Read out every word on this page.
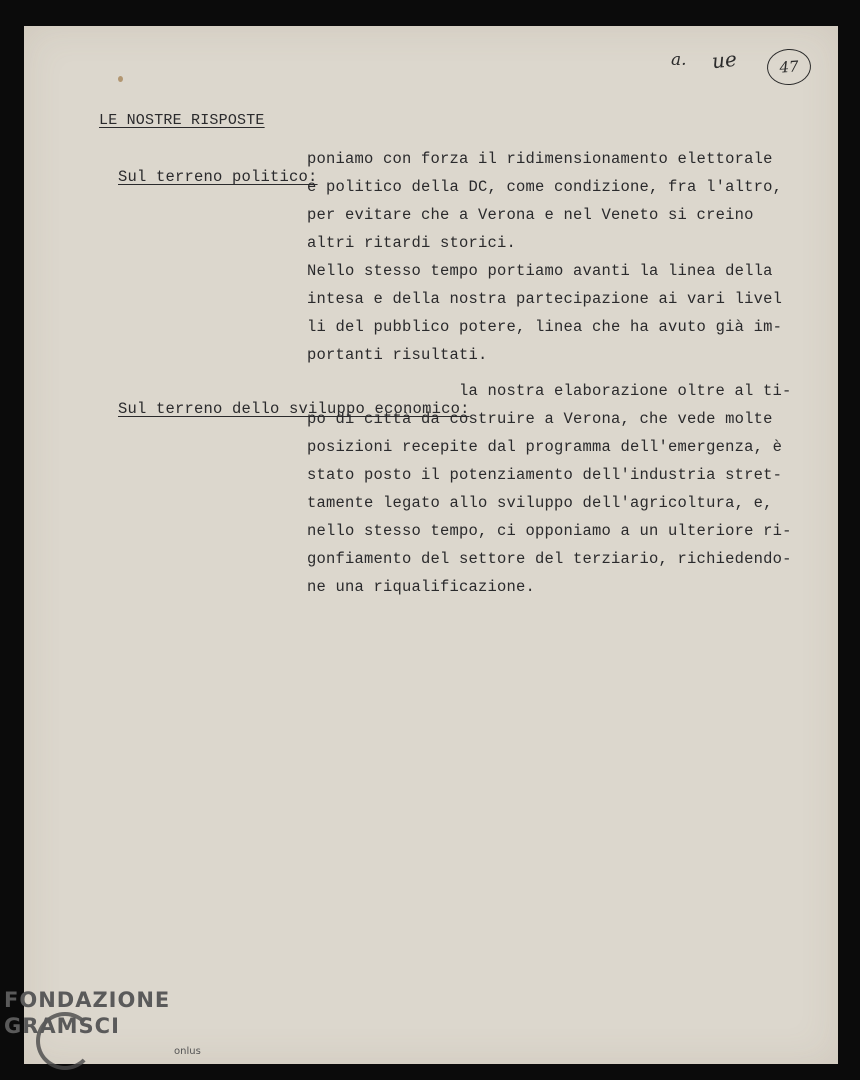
a. ue	47
LE NOSTRE RISPOSTE

Sul terreno politico:

poniamo con forza il ridimensionamento elettorale

e politico della DC, come condizione, fra l'altro,

per evitare che a Verona e nel Veneto si creino

altri ritardi storici.

Nello stesso tempo portiamo avanti la linea della

intesa e della nostra partecipazione ai vari livel

li del pubblico potere, linea che ha avuto già im-

portanti risultati.

Sul terreno dello sviluppo economico:

la nostra elaborazione oltre al ti-

po di città da costruire a Verona, che vede molte

posizioni recepite dal programma dell'emergenza, è

stato posto il potenziamento dell'industria stret-

tamente legato allo sviluppo dell'agricoltura, e,

nello stesso tempo, ci opponiamo a un ulteriore ri-

gonfiamento del settore del terziario, richiedendo-

ne una riqualificazione.

FONDAZIONE
GRAMSCI
onlus
